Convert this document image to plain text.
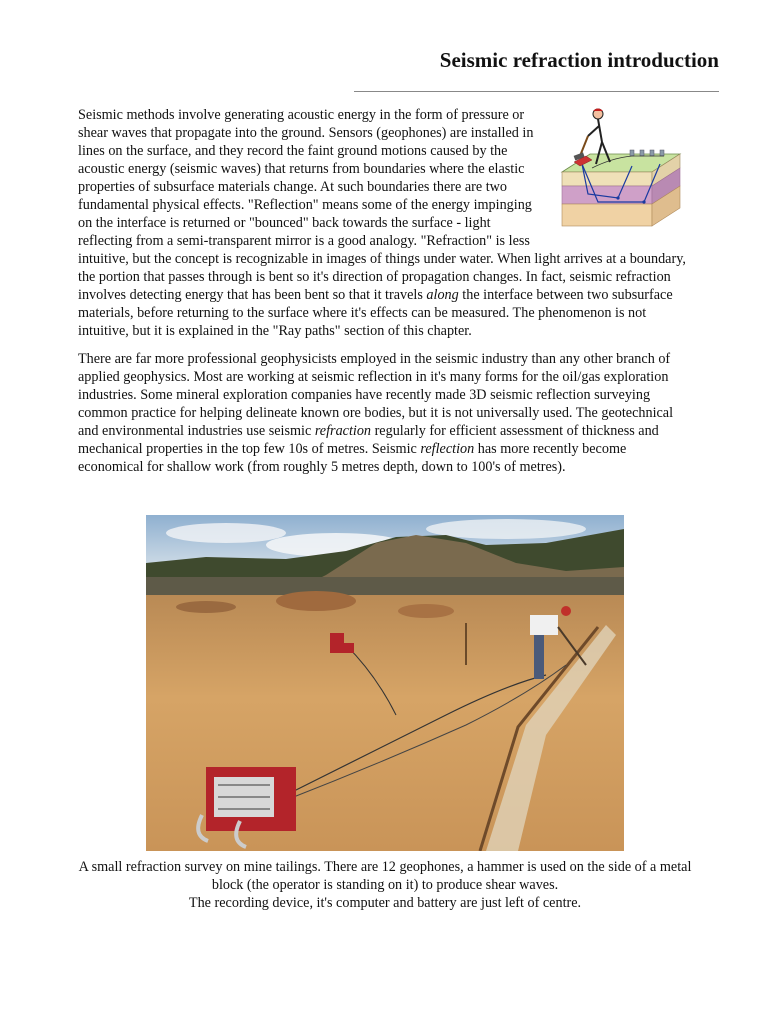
Seismic refraction introduction

Seismic methods involve generating acoustic energy in the form of pressure or shear waves that propagate into the ground. Sensors (geophones) are installed in lines on the surface, and they record the faint ground motions caused by the acoustic energy (seismic waves) that returns from boundaries where the elastic properties of subsurface materials change. At such boundaries there are two fundamental physical effects. "Reflection" means some of the energy impinging on the interface is returned or "bounced" back towards the surface - light reflecting from a semi-transparent mirror is a good analogy. "Refraction" is less intuitive, but the concept is recognizable in images of things under water. When light arrives at a boundary, the portion that passes through is bent so it's direction of propagation changes. In fact, seismic refraction involves detecting energy that has been bent so that it travels along the interface between two subsurface materials, before returning to the surface where it's effects can be measured. The phenomenon is not intuitive, but it is explained in the "Ray paths" section of this chapter.

There are far more professional geophysicists employed in the seismic industry than any other branch of applied geophysics. Most are working at seismic reflection in it's many forms for the oil/gas exploration industries. Some mineral exploration companies have recently made 3D seismic reflection surveying common practice for helping delineate known ore bodies, but it is not universally used. The geotechnical and environmental industries use seismic refraction regularly for efficient assessment of thickness and mechanical properties in the top few 10s of metres. Seismic reflection has more recently become economical for shallow work (from roughly 5 metres depth, down to 100's of metres).

A small refraction survey on mine tailings. There are 12 geophones, a hammer is used on the side of a metal block (the operator is standing on it) to produce shear waves.
The recording device, it's computer and battery are just left of centre.
